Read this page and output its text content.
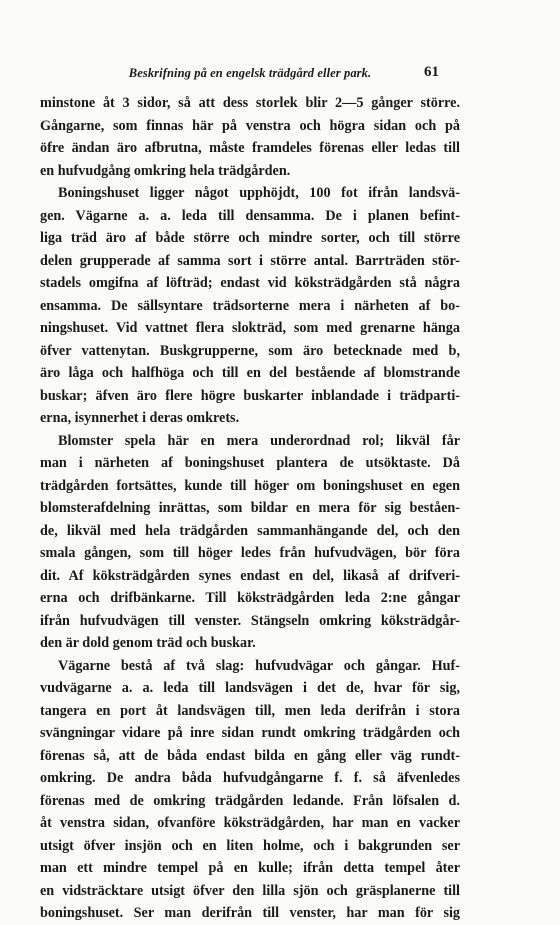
Beskrifning på en engelsk trädgård eller park.	61
minstone åt 3 sidor, så att dess storlek blir 2—5 gånger större.
Gångarne, som finnas här på venstra och högra sidan och på
öfre ändan äro afbrutna, måste framdeles förenas eller ledas till
en hufvudgång omkring hela trädgården.
Boningshuset ligger något upphöjdt, 100 fot ifrån landsvä-
gen. Vägarne a. a. leda till densamma. De i planen befint-
liga träd äro af både större och mindre sorter, och till större
delen grupperade af samma sort i större antal. Barrträden stör-
stadels omgifna af löfträd; endast vid köksträdgården stå några
ensamma. De sällsyntare trädsorterne mera i närheten af bo-
ningshuset. Vid vattnet flera slokträd, som med grenarne hänga
öfver vattenytan. Buskgrupperne, som äro betecknade med b,
äro låga och halfhöga och till en del bestående af blomstrande
buskar; äfven äro flere högre buskarter inblandade i trädparti-
erna, isynnerhet i deras omkrets.
Blomster spela här en mera underordnad rol; likväl får
man i närheten af boningshuset plantera de utsöktaste. Då
trädgården fortsättes, kunde till höger om boningshuset en egen
blomsterafdelning inrättas, som bildar en mera för sig beståen-
de, likväl med hela trädgården sammanhängande del, och den
smala gången, som till höger ledes från hufvudvägen, bör föra
dit. Af köksträdgården synes endast en del, likaså af drifveri-
erna och drifbänkarne. Till köksträdgården leda 2:ne gångar
ifrån hufvudvägen till venster. Stängseln omkring köksträdgår-
den är dold genom träd och buskar.
Vägarne bestå af två slag: hufvudvägar och gångar. Huf-
vudvägarne a. a. leda till landsvägen i det de, hvar för sig,
tangera en port åt landsvägen till, men leda derifrån i stora
svängningar vidare på inre sidan rundt omkring trädgården och
förenas så, att de båda endast bilda en gång eller väg rundt-
omkring. De andra båda hufvudgångarne f. f. så äfvenledes
förenas med de omkring trädgården ledande. Från löfsalen d.
åt venstra sidan, ofvanföre köksträdgården, har man en vacker
utsigt öfver insjön och en liten holme, och i bakgrunden ser
man ett mindre tempel på en kulle; ifrån detta tempel åter
en vidsträcktare utsigt öfver den lilla sjön och gräsplanerne till
boningshuset. Ser man derifrån till venster, har man för sig
